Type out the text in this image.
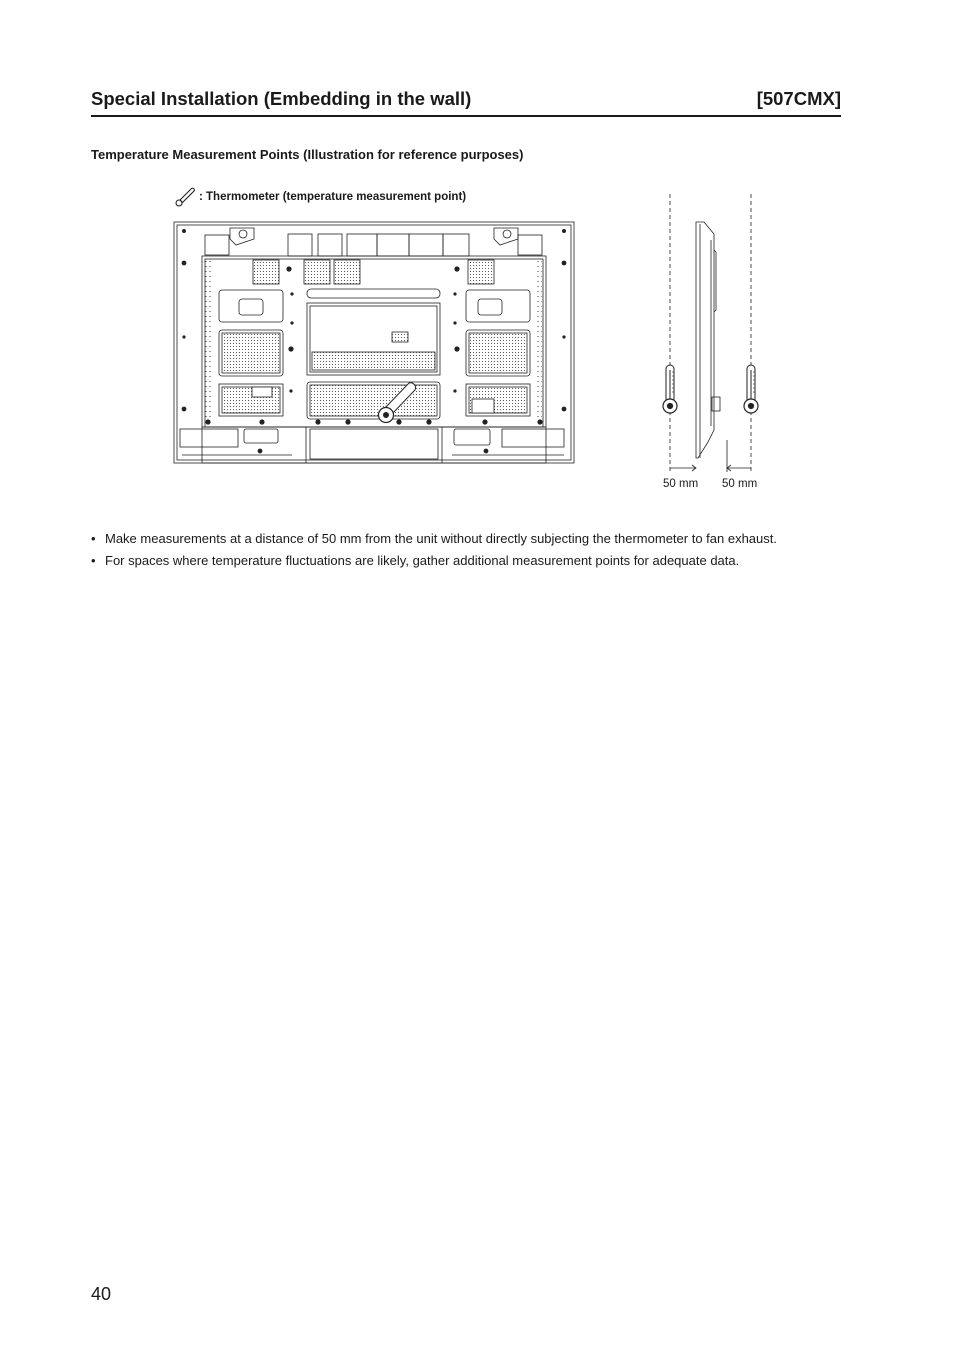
Special Installation (Embedding in the wall)	[507CMX]
Temperature Measurement Points (Illustration for reference purposes)
: Thermometer (temperature measurement point)
50 mm 50 mm
• Make measurements at a distance of 50 mm from the unit without directly subjecting the thermometer to fan exhaust.
• For spaces where temperature fluctuations are likely, gather additional measurement points for adequate data.
40
